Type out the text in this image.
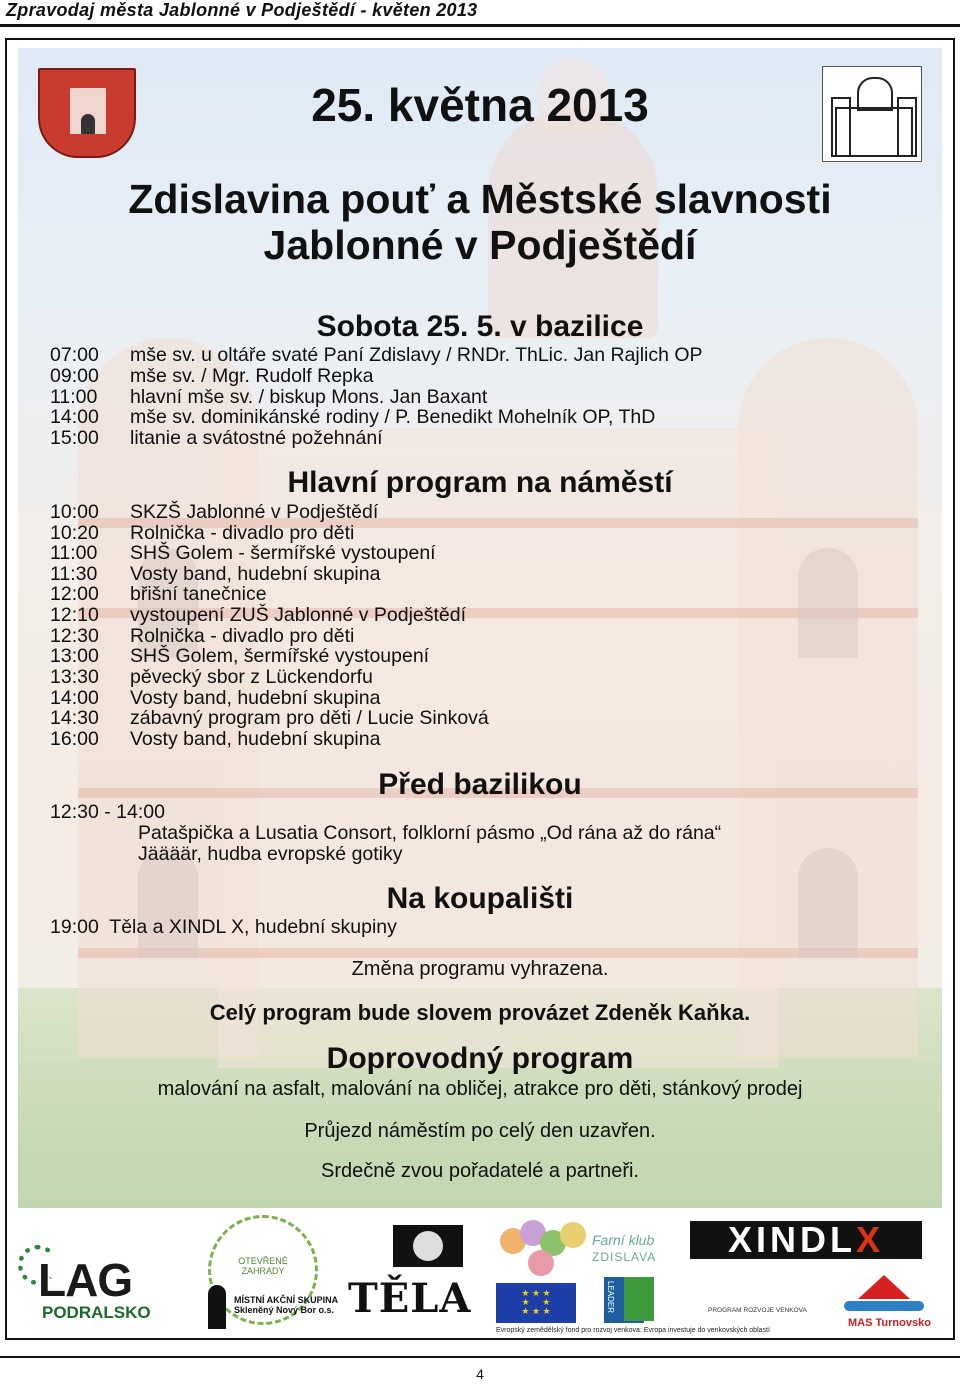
Zpravodaj města Jablonné v Podještědí - květen 2013
25. května 2013
Zdislavina pouť a Městské slavnosti
Jablonné v Podještědí
Sobota 25. 5. v bazilice
07:00 mše sv. u oltáře svaté Paní Zdislavy / RNDr. ThLic. Jan Rajlich OP
09:00 mše sv. / Mgr. Rudolf Repka
11:00 hlavní mše sv. / biskup Mons. Jan Baxant
14:00 mše sv. dominikánské rodiny / P. Benedikt Mohelník OP, ThD
15:00 litanie a svátostné požehnání
Hlavní program na náměstí
10:00 SKZŠ Jablonné v Podještědí
10:20 Rolnička - divadlo pro děti
11:00 SHŠ Golem - šermířské vystoupení
11:30 Vosty band, hudební skupina
12:00 břišní tanečnice
12:10 vystoupení ZUŠ Jablonné v Podještědí
12:30 Rolnička - divadlo pro děti
13:00 SHŠ Golem, šermířské vystoupení
13:30 pěvecký sbor z Lückendorfu
14:00 Vosty band, hudební skupina
14:30 zábavný program pro děti / Lucie Sinková
16:00 Vosty band, hudební skupina
Před bazilikou
12:30 - 14:00
Patašpička a Lusatia Consort, folklorní pásmo „Od rána až do rána“
Jäääär, hudba evropské gotiky
Na koupališti
19:00 Těla a XINDL X, hudební skupiny
Změna programu vyhrazena.
Celý program bude slovem provázet Zdeněk Kaňka.
Doprovodný program
malování na asfalt, malování na obličej, atrakce pro děti, stánkový prodej
Průjezd náměstím po celý den uzavřen.
Srdečně zvou pořadatelé a partneři.
LAG
PODRALSKO
OTEVŘENÉ ZAHRADY
MÍSTNÍ AKČNÍ SKUPINA Skleněný Nový Bor o.s. TĚLA
Farní klub
ZDISLAVA
★ ★ ★
★     ★
★ ★ ★	LEADER
Evropský zemědělský fond pro rozvoj venkova: Evropa investuje do venkovských oblastí
PROGRAM ROZVOJE VENKOVA
XINDLX
MAS Turnovsko
4
